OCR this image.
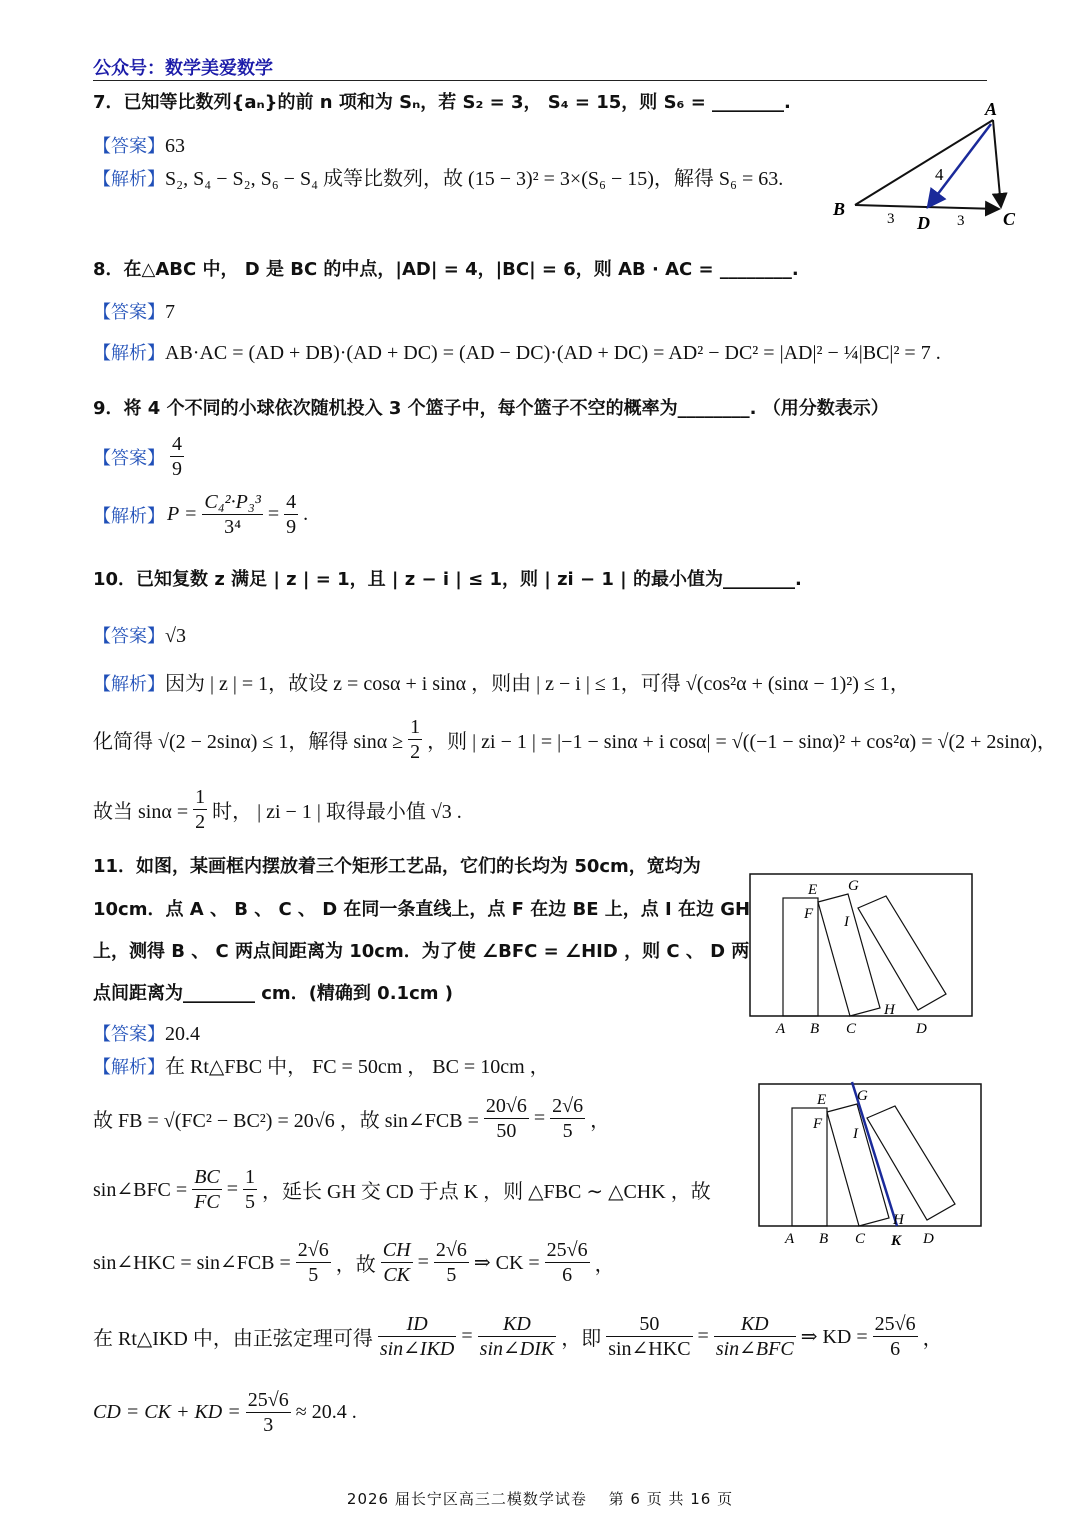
公众号：数学美爱数学
7．已知等比数列{aₙ}的前 n 项和为 Sₙ，若 S₂ = 3， S₄ = 15，则 S₆ = ________.
【答案】63
【解析】S₂, S₄ − S₂, S₆ − S₄ 成等比数列，故 (15 − 3)² = 3×(S₆ − 15)，解得 S₆ = 63.
A
B	C
D
4
3	3
8．在△ABC 中， D 是 BC 的中点，|AD| = 4，|BC| = 6，则 AB · AC = ________.
【答案】7
【解析】AB·AC = (AD + DB)·(AD + DC) = (AD − DC)·(AD + DC) = AD² − DC² = |AD|² − ¼|BC|² = 7 .
9．将 4 个不同的小球依次随机投入 3 个篮子中，每个篮子不空的概率为________. （用分数表示）
【答案】 $\frac{4}{9}$
【解析】 $P = \frac{\text{C₄²·P₃³}}{\text{3⁴}} = \frac{4}{9}$ .
10．已知复数 z 满足 | z | = 1，且 | z − i | ≤ 1，则 | zi − 1 | 的最小值为________.
【答案】√3
【解析】因为 | z | = 1，故设 z = cosα + i sinα ，则由 | z − i | ≤ 1，可得 √(cos²α + (sinα − 1)²) ≤ 1，
化简得 √(2 − 2sinα) ≤ 1，解得 $\sin\alpha \ge \frac{1}{2}$ ，则 | zi − 1 | = |−1 − sinα + i cosα| = √((−1 − sinα)² + cos²α) = √(2 + 2sinα)，
故当 $\sin\alpha = \frac{1}{2}$ 时， | zi − 1 | 取得最小值 √3 .
11．如图，某画框内摆放着三个矩形工艺品，它们的长均为 50cm，宽均为
10cm．点 A 、 B 、 C 、 D 在同一条直线上，点 F 在边 BE 上，点 I 在边 GH
上，测得 B 、 C 两点间距离为 10cm．为了使 ∠BFC = ∠HID ，则 C 、 D 两
点间距离为________ cm．(精确到 0.1cm )
E
F
G
I
H
A B C	D
【答案】20.4
【解析】在 Rt△FBC 中， FC = 50cm ， BC = 10cm ，
故 FB = √(FC² − BC²) = 20√6 ，故 sin∠FCB = $\frac{20√6}{50} = \frac{2√6}{5}$ ，
sin∠BFC = $\frac{BC}{FC} = \frac{1}{5}$ ，延长 GH 交 CD 于点 K ，则 △FBC ∼ △CHK ，故
sin∠HKC = sin∠FCB = $\frac{2√6}{5}$ ，故 $\frac{CH}{CK} = \frac{2√6}{5}$ ⇒ CK = $\frac{25√6}{6}$ ，
在 Rt△IKD 中，由正弦定理可得 $\frac{ID}{\text{sin∠IKD}} = \frac{KD}{\text{sin∠DIK}}$ ，即 $\frac{50}{\text{sin∠HKC}} = \frac{KD}{\text{sin∠BFC}}$ ⇒ KD = $\frac{25√6}{6}$ ，
CD = CK + KD = $\frac{25√6}{3} \approx 20.4$ .
E
F
G
I
H
A B C K D
2026 届长宁区高三二模数学试卷　 第 6 页 共 16 页
